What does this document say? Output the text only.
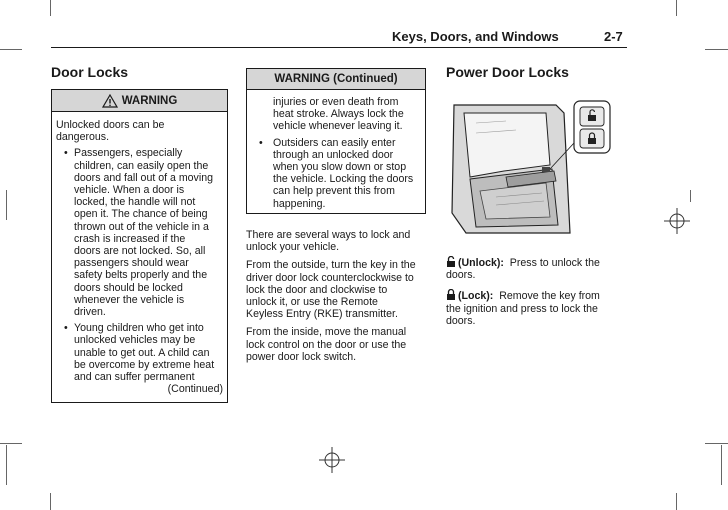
Keys, Doors, and Windows	2-7
Door Locks
WARNING

Unlocked doors can be
dangerous.

• Passengers, especially
children, can easily open the
doors and fall out of a moving
vehicle. When a door is
locked, the handle will not
open it. The chance of being
thrown out of the vehicle in a
crash is increased if the
doors are not locked. So, all
passengers should wear
safety belts properly and the
doors should be locked
whenever the vehicle is
driven.

• Young children who get into
unlocked vehicles may be
unable to get out. A child can
be overcome by extreme heat
and can suffer permanent

(Continued)

WARNING (Continued)

injuries or even death from
heat stroke. Always lock the
vehicle whenever leaving it.

• Outsiders can easily enter
through an unlocked door
when you slow down or stop
the vehicle. Locking the doors
can help prevent this from
happening.

There are several ways to lock and
unlock your vehicle.

From the outside, turn the key in the
driver door lock counterclockwise to
lock the door and clockwise to
unlock it, or use the Remote
Keyless Entry (RKE) transmitter.

From the inside, move the manual
lock control on the door or use the
power door lock switch.

Power Door Locks

(Unlock): Press to unlock the
doors.

(Lock): Remove the key from
the ignition and press to lock the
doors.
